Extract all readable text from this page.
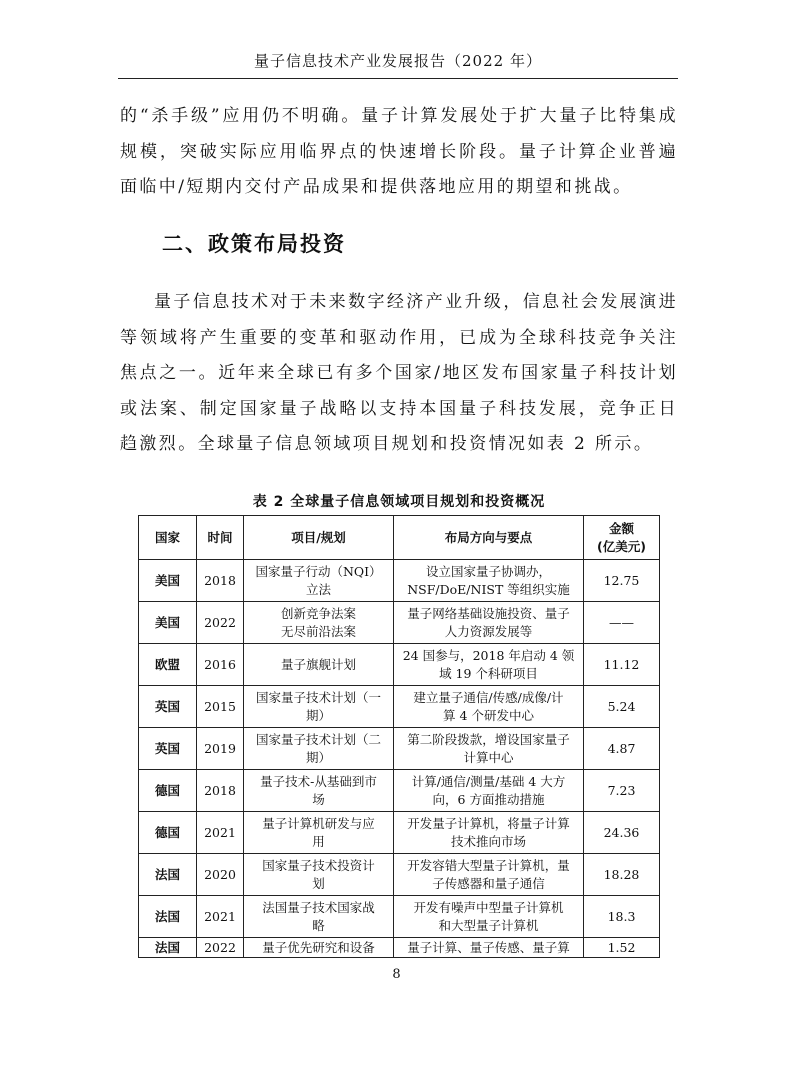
量子信息技术产业发展报告（2022 年）

的“杀手级”应用仍不明确。量子计算发展处于扩大量子比特集成规模，突破实际应用临界点的快速增长阶段。量子计算企业普遍面临中/短期内交付产品成果和提供落地应用的期望和挑战。

二、政策布局投资

量子信息技术对于未来数字经济产业升级，信息社会发展演进等领域将产生重要的变革和驱动作用，已成为全球科技竞争关注焦点之一。近年来全球已有多个国家/地区发布国家量子科技计划或法案、制定国家量子战略以支持本国量子科技发展，竞争正日趋激烈。全球量子信息领域项目规划和投资情况如表 2 所示。

表 2 全球量子信息领域项目规划和投资概况
国家	时间	项目/规划	布局方向与要点	金额
(亿美元)

美国	2018	国家量子行动（NQI）
立法	设立国家量子协调办，
NSF/DoE/NIST 等组织实施	12.75
美国	2022	创新竞争法案
无尽前沿法案	量子网络基础设施投资、量子
人力资源发展等	——
欧盟	2016	量子旗舰计划	24 国参与，2018 年启动 4 领
域 19 个科研项目	11.12
英国	2015	国家量子技术计划（一
期）	建立量子通信/传感/成像/计
算 4 个研发中心	5.24
英国	2019	国家量子技术计划（二
期）	第二阶段拨款，增设国家量子
计算中心	4.87
德国	2018	量子技术-从基础到市
场	计算/通信/测量/基础 4 大方
向，6 方面推动措施	7.23
德国	2021	量子计算机研发与应
用	开发量子计算机，将量子计算
技术推向市场	24.36
法国	2020	国家量子技术投资计
划	开发容错大型量子计算机，量
子传感器和量子通信	18.28
法国	2021	法国量子技术国家战
略	开发有噪声中型量子计算机
和大型量子计算机	18.3
法国	2022	量子优先研究和设备	量子计算、量子传感、量子算	1.52
8
